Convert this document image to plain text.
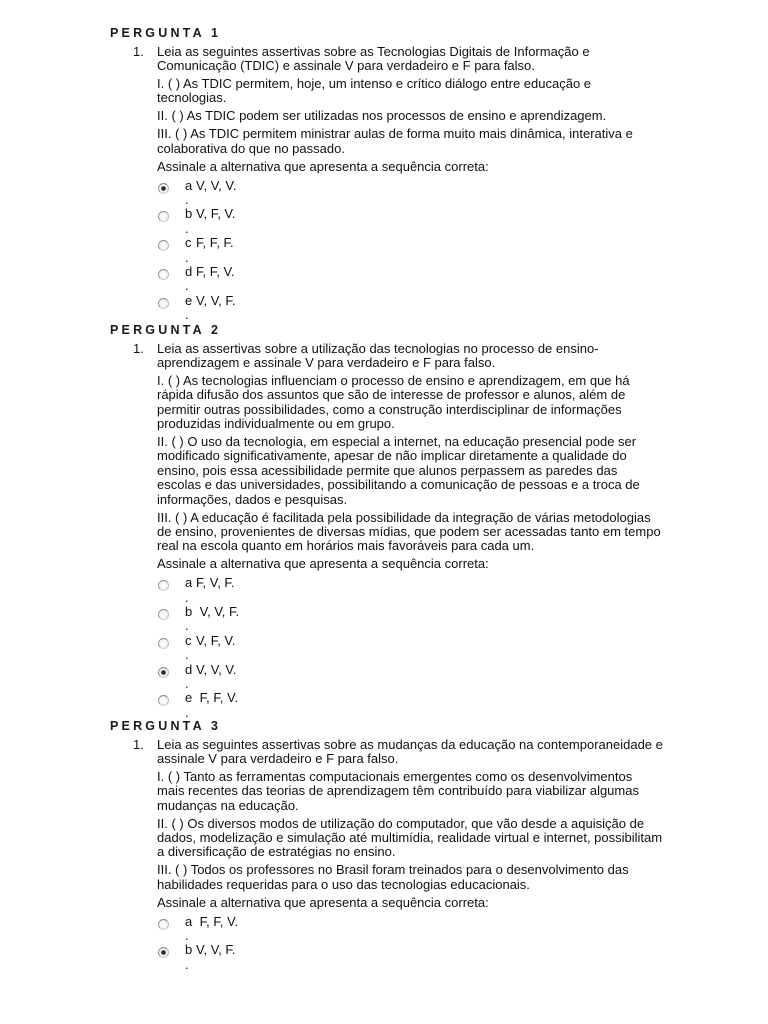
PERGUNTA 1
1. Leia as seguintes assertivas sobre as Tecnologias Digitais de Informação e
Comunicação (TDIC) e assinale V para verdadeiro e F para falso.

I. ( ) As TDIC permitem, hoje, um intenso e crítico diálogo entre educação e
tecnologias.

II. ( ) As TDIC podem ser utilizadas nos processos de ensino e aprendizagem.

III. ( ) As TDIC permitem ministrar aulas de forma muito mais dinâmica, interativa e
colaborativa do que no passado.

Assinale a alternativa que apresenta a sequência correta:

a.
V, V, V.
b.
V, F, V.
c.
F, F, F.
d.
F, F, V.
e.
V, V, F.
PERGUNTA 2
1. Leia as assertivas sobre a utilização das tecnologias no processo de ensino-
aprendizagem e assinale V para verdadeiro e F para falso.

I. ( ) As tecnologias influenciam o processo de ensino e aprendizagem, em que há
rápida difusão dos assuntos que são de interesse de professor e alunos, além de
permitir outras possibilidades, como a construção interdisciplinar de informações
produzidas individualmente ou em grupo.

II. ( ) O uso da tecnologia, em especial a internet, na educação presencial pode ser
modificado significativamente, apesar de não implicar diretamente a qualidade do
ensino, pois essa acessibilidade permite que alunos perpassem as paredes das
escolas e das universidades, possibilitando a comunicação de pessoas e a troca de
informações, dados e pesquisas.

III. ( ) A educação é facilitada pela possibilidade da integração de várias metodologias
de ensino, provenientes de diversas mídias, que podem ser acessadas tanto em tempo
real na escola quanto em horários mais favoráveis para cada um.

Assinale a alternativa que apresenta a sequência correta:

a.
F, V, F.
b.
V, V, F.
c.
V, F, V.
d.
V, V, V.
e.
F, F, V.
PERGUNTA 3
1. Leia as seguintes assertivas sobre as mudanças da educação na contemporaneidade e
assinale V para verdadeiro e F para falso.

I. ( ) Tanto as ferramentas computacionais emergentes como os desenvolvimentos
mais recentes das teorias de aprendizagem têm contribuído para viabilizar algumas
mudanças na educação.

II. ( ) Os diversos modos de utilização do computador, que vão desde a aquisição de
dados, modelização e simulação até multimídia, realidade virtual e internet, possibilitam
a diversificação de estratégias no ensino.

III. ( ) Todos os professores no Brasil foram treinados para o desenvolvimento das
habilidades requeridas para o uso das tecnologias educacionais.

Assinale a alternativa que apresenta a sequência correta:

a.
F, F, V.
b.
V, V, F.
